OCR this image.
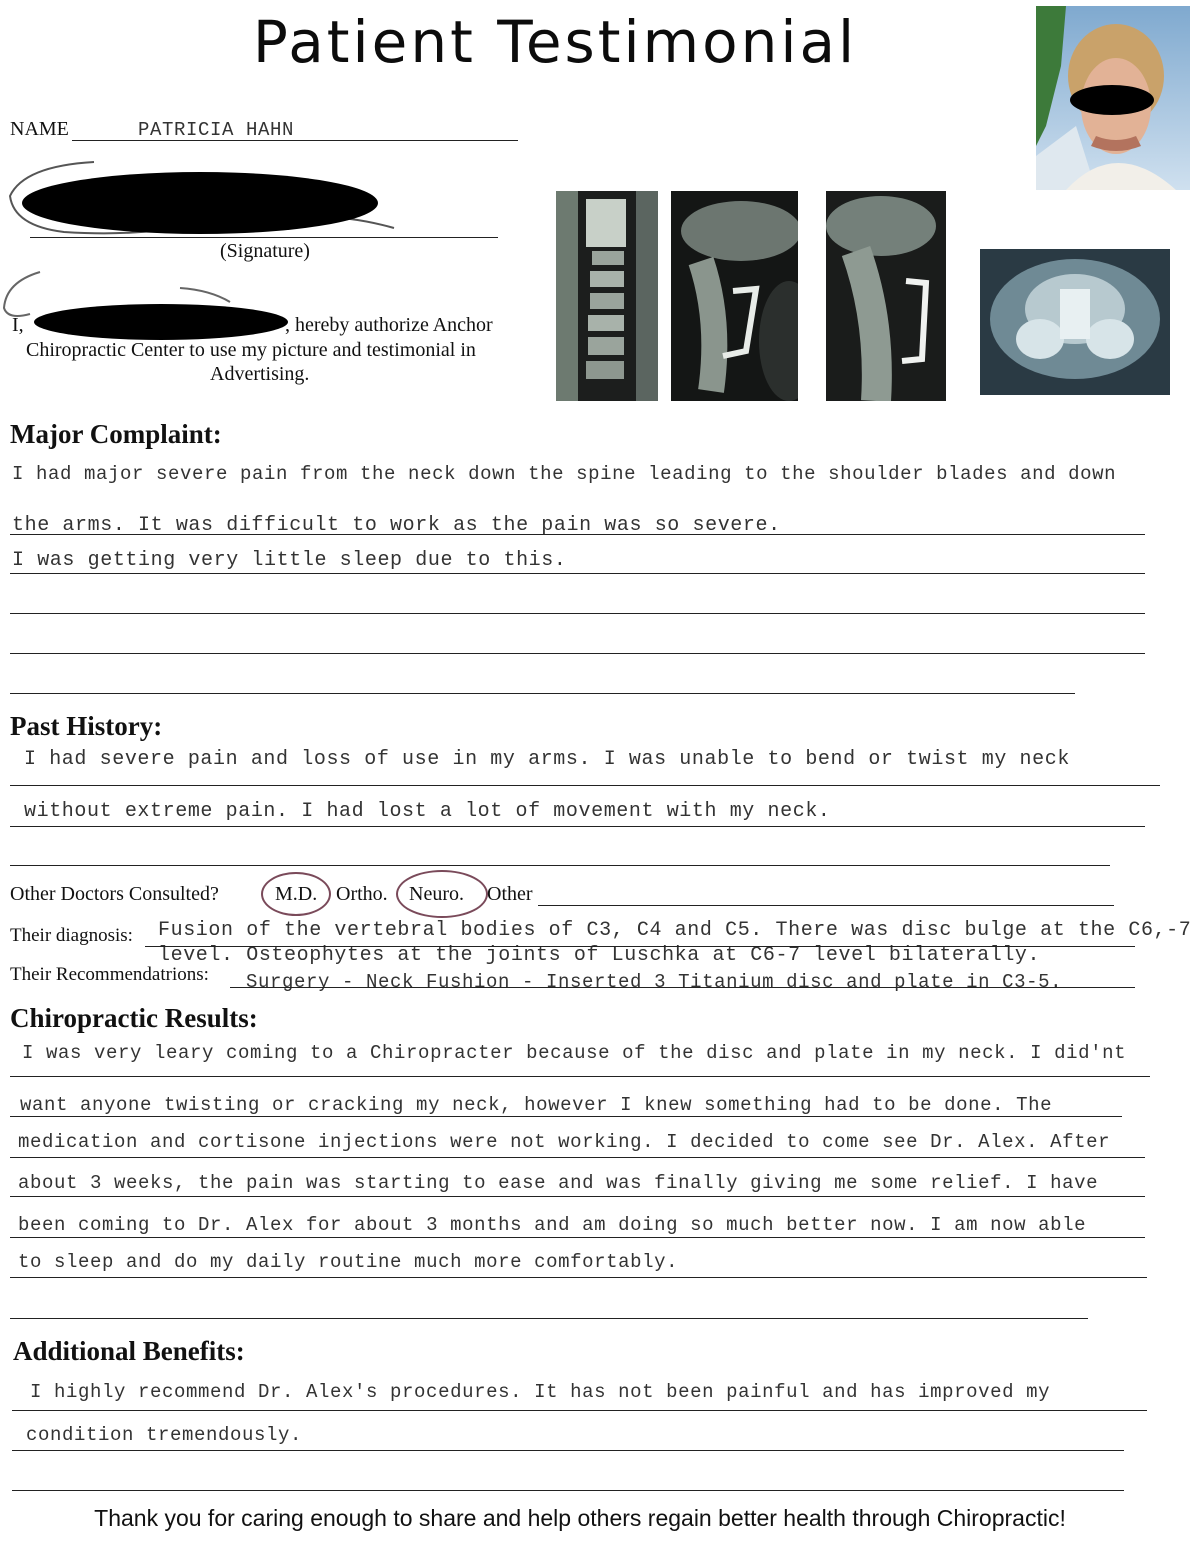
Patient Testimonial
NAME	PATRICIA HAHN
(Signature)
I,	, hereby authorize Anchor
Chiropractic Center to use my picture and testimonial in
Advertising.
Major Complaint:
I had major severe pain from the neck down the spine leading to the shoulder blades and down
the arms. It was difficult to work as the pain was so severe.
I was getting very little sleep due to this.
Past History:
I had severe pain and loss of use in my arms. I was unable to bend or twist my neck
without extreme pain. I had lost a lot of movement with my neck.
Other Doctors Consulted?	M.D. Ortho. Neuro. Other
Their diagnosis: Fusion of the vertebral bodies of C3, C4 and C5. There was disc bulge at the C6,-7
level. Osteophytes at the joints of Luschka at C6-7 level bilaterally.
Their Recommendatrions: Surgery - Neck Fushion - Inserted 3 Titanium disc and plate in C3-5.
Chiropractic Results:
I was very leary coming to a Chiropracter because of the disc and plate in my neck. I did'nt
want anyone twisting or cracking my neck, however I knew something had to be done. The
medication and cortisone injections were not working. I decided to come see Dr. Alex. After
about 3 weeks, the pain was starting to ease and was finally giving me some relief. I have
been coming to Dr. Alex for about 3 months and am doing so much better now. I am now able
to sleep and do my daily routine much more comfortably.
Additional Benefits:
I highly recommend Dr. Alex's procedures. It has not been painful and has improved my
condition tremendously.
Thank you for caring enough to share and help others regain better health through Chiropractic!
